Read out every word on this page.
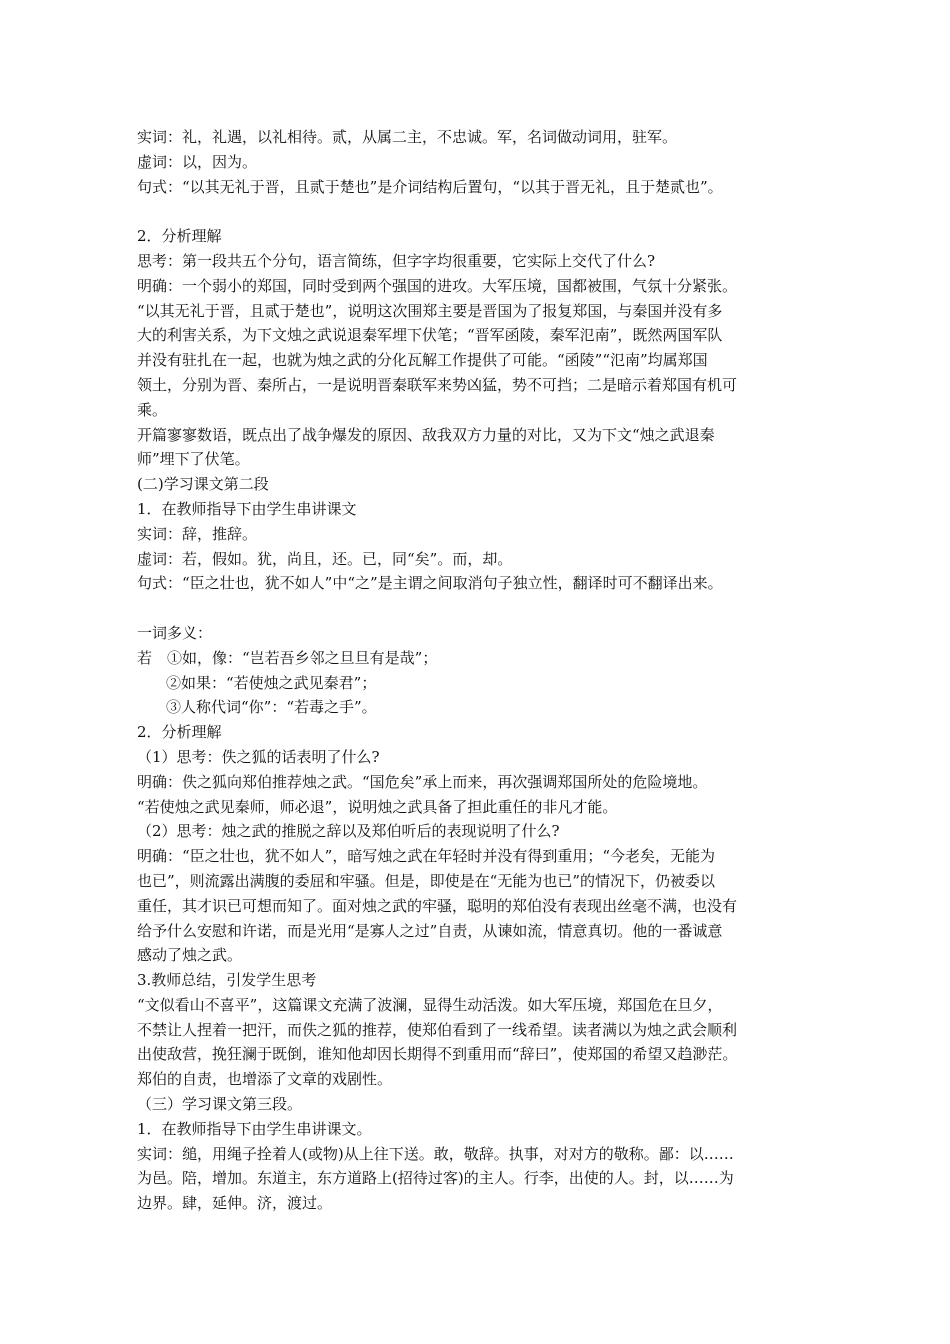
实词：礼，礼遇，以礼相待。贰，从属二主，不忠诚。军，名词做动词用，驻军。
虚词：以，因为。
句式：“以其无礼于晋，且贰于楚也”是介词结构后置句，“以其于晋无礼，且于楚贰也”。
2．分析理解
思考：第一段共五个分句，语言简练，但字字均很重要，它实际上交代了什么?
明确：一个弱小的郑国，同时受到两个强国的进攻。大军压境，国都被围，气氛十分紧张。
“以其无礼于晋，且贰于楚也”，说明这次围郑主要是晋国为了报复郑国，与秦国并没有多
大的利害关系，为下文烛之武说退秦军埋下伏笔；“晋军函陵，秦军氾南”，既然两国军队
并没有驻扎在一起，也就为烛之武的分化瓦解工作提供了可能。“函陵”“氾南”均属郑国
领土，分别为晋、秦所占，一是说明晋秦联军来势凶猛，势不可挡；二是暗示着郑国有机可
乘。
开篇寥寥数语，既点出了战争爆发的原因、敌我双方力量的对比，又为下文“烛之武退秦
师”埋下了伏笔。
(二)学习课文第二段
1．在教师指导下由学生串讲课文
实词：辞，推辞。
虚词：若，假如。犹，尚且，还。已，同“矣”。而，却。
句式：“臣之壮也，犹不如人”中“之”是主谓之间取消句子独立性，翻译时可不翻译出来。
一词多义：
若　①如，像：“岂若吾乡邻之旦旦有是哉”；
②如果：“若使烛之武见秦君”；
③人称代词“你”：“若毒之手”。
2．分析理解
（1）思考：佚之狐的话表明了什么?
明确：佚之狐向郑伯推荐烛之武。“国危矣”承上而来，再次强调郑国所处的危险境地。
“若使烛之武见秦师，师必退”，说明烛之武具备了担此重任的非凡才能。
（2）思考：烛之武的推脱之辞以及郑伯听后的表现说明了什么?
明确：“臣之壮也，犹不如人”，暗写烛之武在年轻时并没有得到重用；“今老矣，无能为
也已”，则流露出满腹的委屈和牢骚。但是，即使是在“无能为也已”的情况下，仍被委以
重任，其才识已可想而知了。面对烛之武的牢骚，聪明的郑伯没有表现出丝毫不满，也没有
给予什么安慰和许诺，而是光用“是寡人之过”自责，从谏如流，情意真切。他的一番诚意
感动了烛之武。
3.教师总结，引发学生思考
“文似看山不喜平”，这篇课文充满了波澜，显得生动活泼。如大军压境，郑国危在旦夕，
不禁让人捏着一把汗，而佚之狐的推荐，使郑伯看到了一线希望。读者满以为烛之武会顺利
出使敌营，挽狂澜于既倒，谁知他却因长期得不到重用而“辞曰”，使郑国的希望又趋渺茫。
郑伯的自责，也增添了文章的戏剧性。
（三）学习课文第三段。
1．在教师指导下由学生串讲课文。
实词：缒，用绳子拴着人(或物)从上往下送。敢，敬辞。执事，对对方的敬称。鄙：以……
为邑。陪，增加。东道主，东方道路上(招待过客)的主人。行李，出使的人。封，以……为
边界。肆，延伸。济，渡过。
